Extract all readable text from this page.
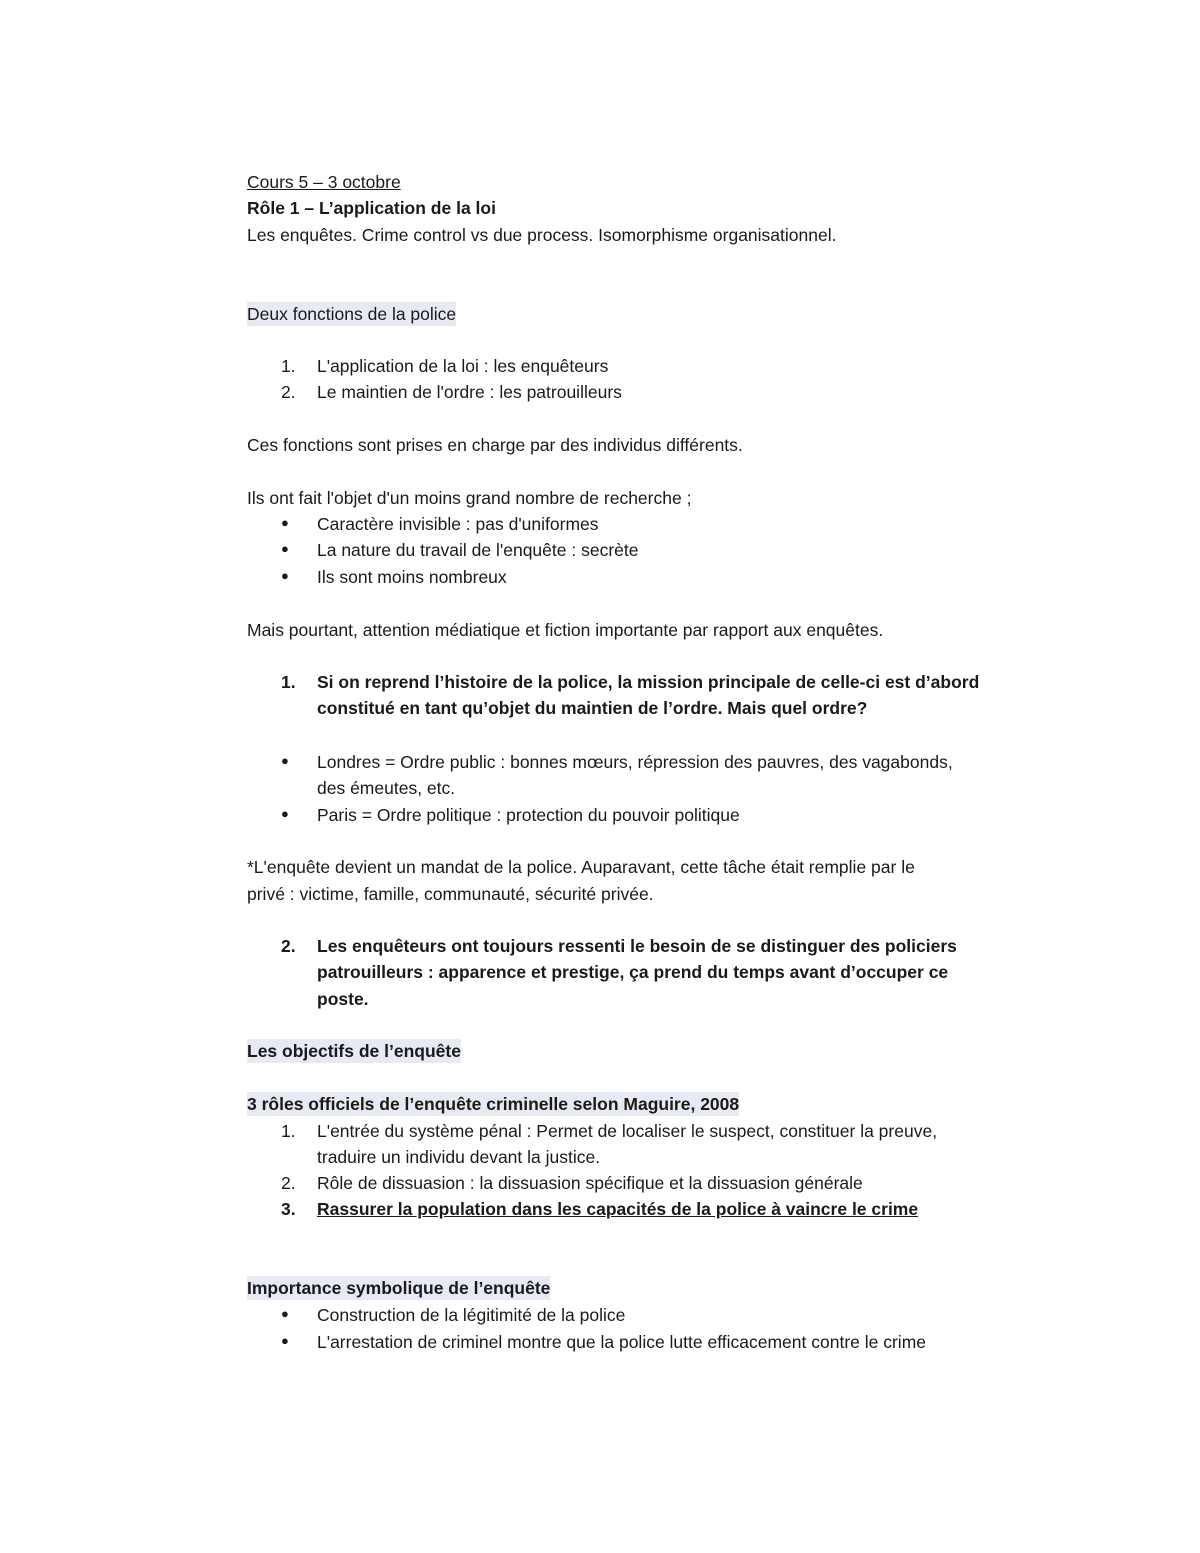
Cours 5 – 3 octobre
Rôle 1 – L’application de la loi
Les enquêtes. Crime control vs due process. Isomorphisme organisationnel.
Deux fonctions de la police
1. L'application de la loi : les enquêteurs
2. Le maintien de l'ordre : les patrouilleurs
Ces fonctions sont prises en charge par des individus différents.
Ils ont fait l'objet d'un moins grand nombre de recherche ;
● Caractère invisible : pas d'uniformes
● La nature du travail de l'enquête : secrète
● Ils sont moins nombreux
Mais pourtant, attention médiatique et fiction importante par rapport aux enquêtes.
1. Si on reprend l’histoire de la police, la mission principale de celle-ci est d’abord
constitué en tant qu’objet du maintien de l’ordre. Mais quel ordre?
● Londres = Ordre public : bonnes mœurs, répression des pauvres, des vagabonds,
des émeutes, etc.
● Paris = Ordre politique : protection du pouvoir politique
*L'enquête devient un mandat de la police. Auparavant, cette tâche était remplie par le
privé : victime, famille, communauté, sécurité privée.
2. Les enquêteurs ont toujours ressenti le besoin de se distinguer des policiers
patrouilleurs : apparence et prestige, ça prend du temps avant d’occuper ce
poste.
Les objectifs de l’enquête
3 rôles officiels de l’enquête criminelle selon Maguire, 2008
1. L'entrée du système pénal : Permet de localiser le suspect, constituer la preuve,
traduire un individu devant la justice.
2. Rôle de dissuasion : la dissuasion spécifique et la dissuasion générale
3. Rassurer la population dans les capacités de la police à vaincre le crime
Importance symbolique de l’enquête
● Construction de la légitimité de la police
● L'arrestation de criminel montre que la police lutte efficacement contre le crime
